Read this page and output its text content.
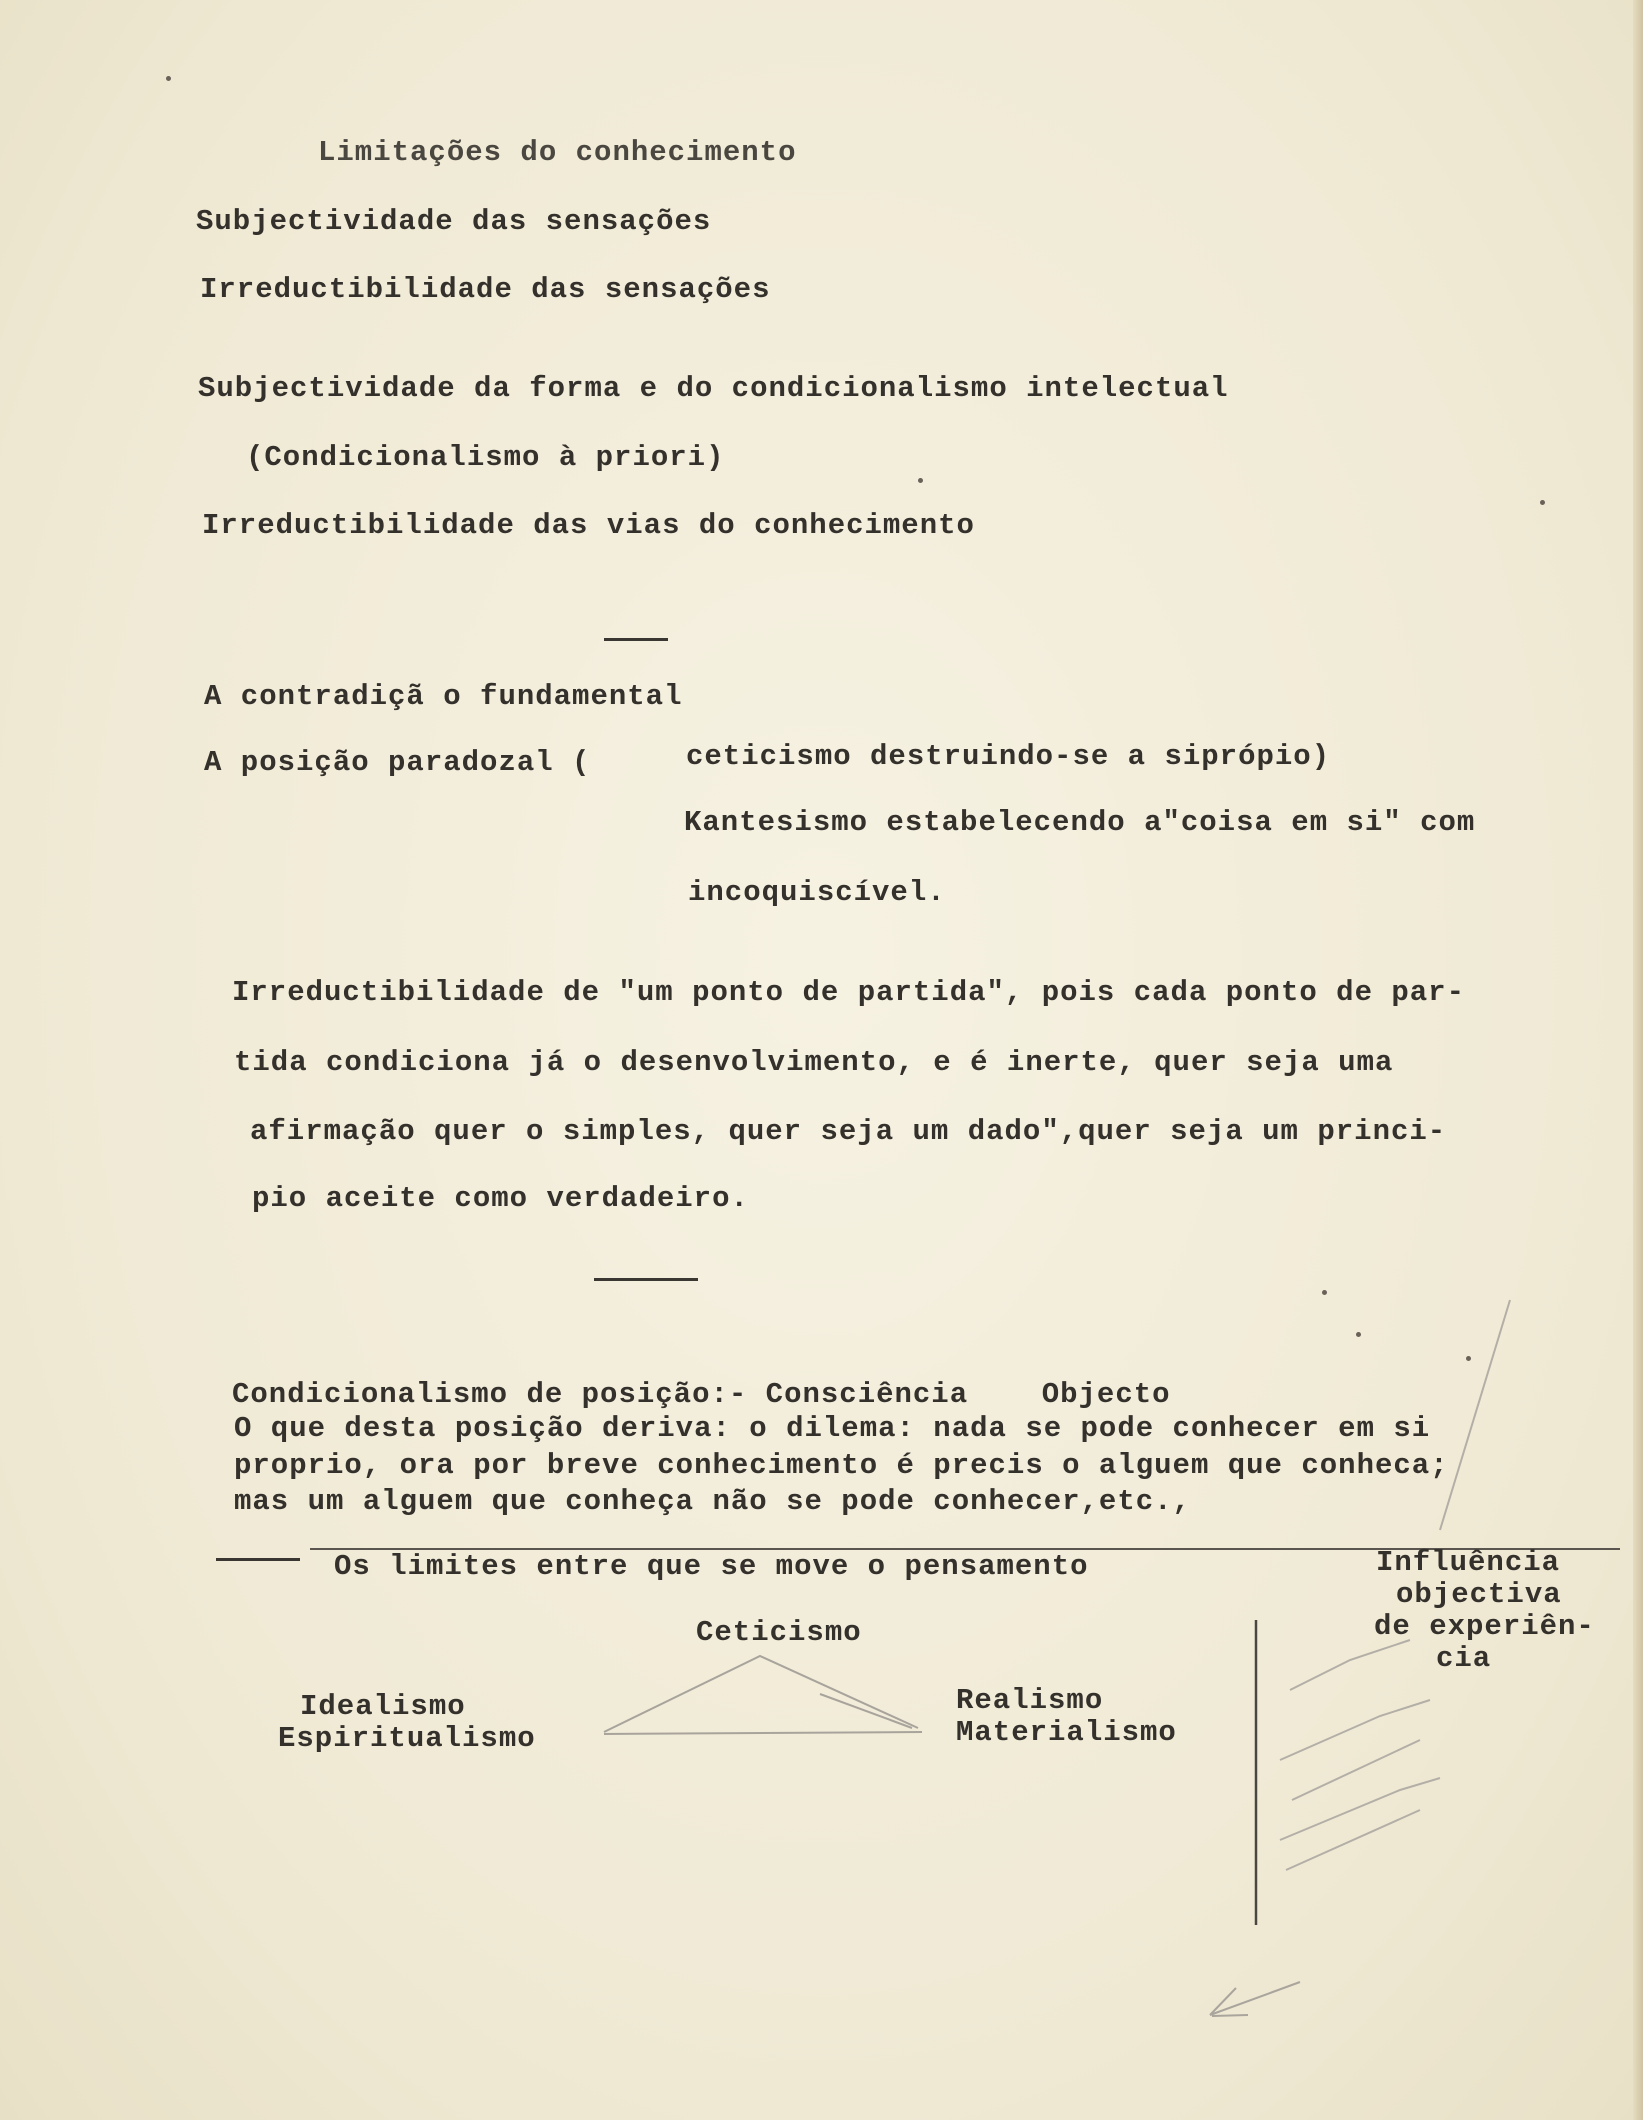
Limitações do conhecimento
Subjectividade das sensações
Irreductibilidade das sensações
Subjectividade da forma e do condicionalismo intelectual
(Condicionalismo à priori)
Irreductibilidade das vias do conhecimento
A contradiçã o fundamental
A posição paradozal (	ceticismo destruindo-se a siprópio)
Kantesismo estabelecendo a"coisa em si" com
incoquiscível.
Irreductibilidade de "um ponto de partida", pois cada ponto de par-
tida condiciona já o desenvolvimento, e é inerte, quer seja uma
afirmação quer o simples, quer seja um dado",quer seja um princi-
pio aceite como verdadeiro.
Condicionalismo de posição:- Consciência    Objecto
O que desta posição deriva: o dilema: nada se pode conhecer em si
proprio, ora por breve conhecimento é precis o alguem que conheca;
mas um alguem que conheça não se pode conhecer,etc.,
Os limites entre que se move o pensamento	Influência
objectiva
de experiên-
cia
Ceticismo
Idealismo
Espiritualismo
Realismo
Materialismo
